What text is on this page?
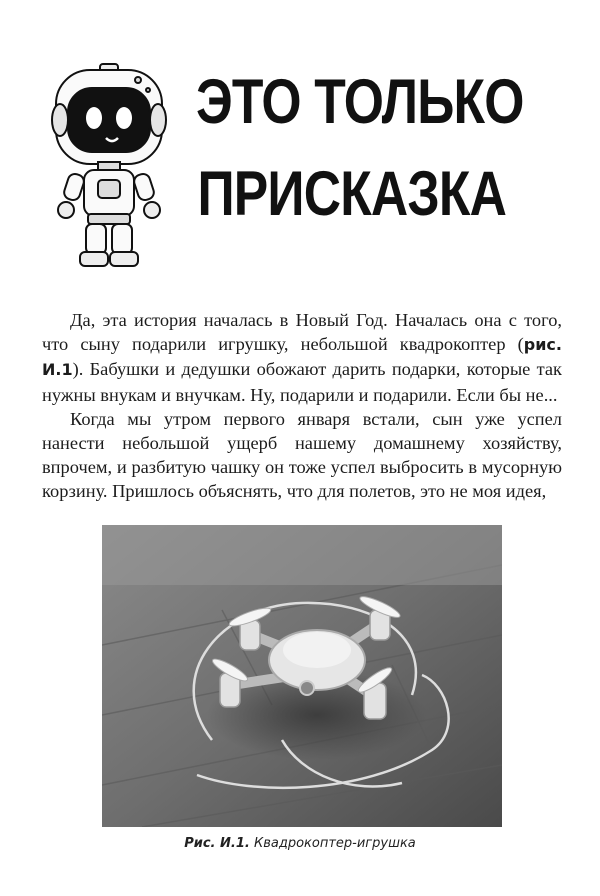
ЭТО ТОЛЬКО
ПРИСКАЗКА

Да, эта история началась в Новый Год. Началась она с того, что сыну подарили игрушку, небольшой квадрокоптер (рис. И.1). Бабушки и дедушки обожают дарить подарки, которые так нужны внукам и внучкам. Ну, подарили и подарили. Если бы не...

Когда мы утром первого января встали, сын уже успел нанести небольшой ущерб нашему домашнему хозяйству, впрочем, и разбитую чашку он тоже успел выбросить в мусорную корзину. Пришлось объяснять, что для полетов, это не моя идея,

Рис. И.1. Квадрокоптер-игрушка
